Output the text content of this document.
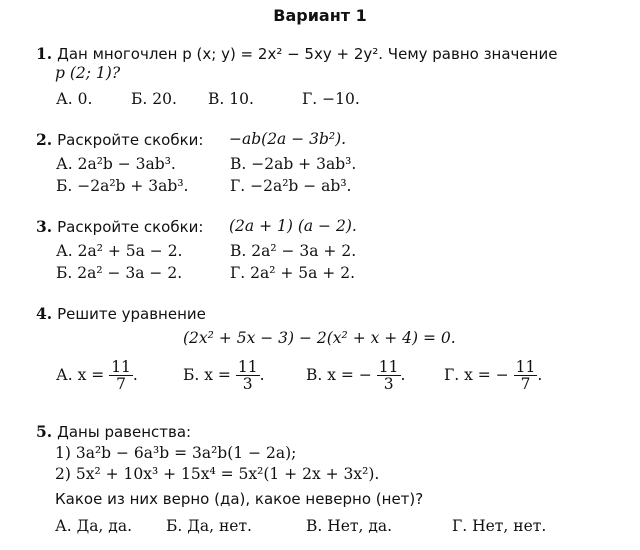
Вариант 1
1. Дан многочлен p (x; y) = 2x² − 5xy + 2y². Чему равно значение
p (2; 1)?
А. 0. Б. 20. В. 10.	Г. −10.
2. Раскройте скобки: −ab(2a − 3b²).
А. 2a²b − 3ab³.	В. −2ab + 3ab³.
Б. −2a²b + 3ab³.	Г. −2a²b − ab³.
3. Раскройте скобки: (2a + 1) (a − 2).
А. 2a² + 5a − 2.	В. 2a² − 3a + 2.
Б. 2a² − 3a − 2.	Г. 2a² + 5a + 2.
4. Решите уравнение
(2x² + 5x − 3) − 2(x² + x + 4) = 0.
А. $x = \frac{11}{7}$ .	Б. $x = \frac{11}{3}$ .	В. x = − $\frac{11}{3}$ . Г. x = − $\frac{11}{7}$ .
5. Даны равенства:
1) 3a²b − 6a³b = 3a²b(1 − 2a);
2) 5x² + 10x³ + 15x⁴ = 5x²(1 + 2x + 3x²).
Какое из них верно (да), какое неверно (нет)?
А. Да, да. Б. Да, нет.	В. Нет, да.	Г. Нет, нет.
